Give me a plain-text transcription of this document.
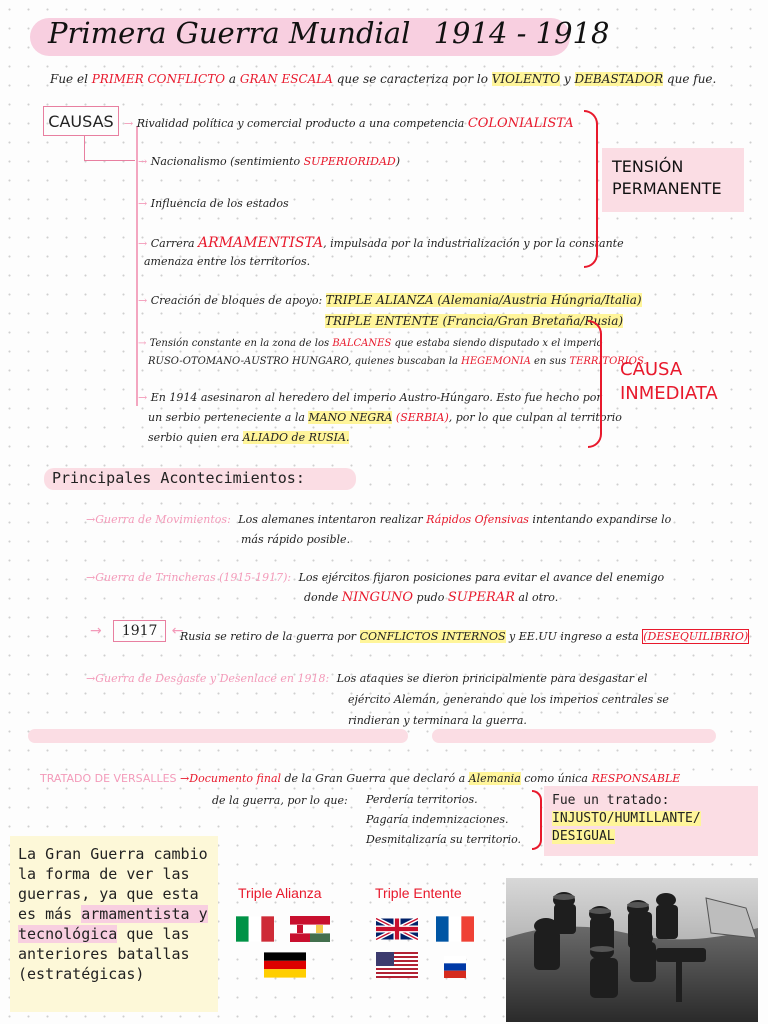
Primera Guerra Mundial 1914 - 1918
Fue el PRIMER CONFLICTO a GRAN ESCALA que se caracteriza por lo VIOLENTO y DEBASTADOR que fue.
CAUSAS → Rivalidad política y comercial producto a una competencia COLONIALISTA
→ Nacionalismo (sentimiento SUPERIORIDAD)
→ Influencia de los estados
→ Carrera ARMAMENTISTA, impulsada por la industrialización y por la constante
amenaza entre los territorios.
TENSIÓN PERMANENTE
→ Creación de bloques de apoyo: TRIPLE ALIANZA (Alemania/Austria Húngria/Italia)
TRIPLE ENTENTE (Francia/Gran Bretaña/Rusia)
→ Tensión constante en la zona de los BALCANES que estaba siendo disputado x el imperio
RUSO-OTOMANO-AUSTRO HUNGARO, quienes buscaban la HEGEMONIA en sus TERRITORIOS.
→ En 1914 asesinaron al heredero del imperio Austro-Húngaro. Esto fue hecho por
un serbio perteneciente a la MANO NEGRA (SERBIA), por lo que culpan al territorio
serbio quien era ALIADO de RUSIA.
CAUSA INMEDIATA
Principales Acontecimientos:
→Guerra de Movimientos: Los alemanes intentaron realizar Rápidos Ofensivas intentando expandirse lo
más rápido posible.
→Guerra de Trincheras (1915-1917): Los ejércitos fijaron posiciones para evitar el avance del enemigo
donde NINGUNO pudo SUPERAR al otro.
→ 1917 ←
Rusia se retiro de la guerra por CONFLICTOS INTERNOS y EE.UU ingreso a esta (DESEQUILIBRIO)
→Guerra de Desgaste y Desenlace en 1918: Los ataques se dieron principalmente para desgastar el
ejército Alemán, generando que los imperios centrales se
rindieran y terminara la guerra.
TRATADO DE VERSALLES →Documento final de la Gran Guerra que declaró a Alemania como única RESPONSABLE
de la guerra, por lo que:	Perdería territorios.
Pagaría indemnizaciones.
Desmitalizaría su territorio.
Fue un tratado:
INJUSTO/HUMILLANTE/
DESIGUAL
La Gran Guerra cambio la forma de ver las guerras, ya que esta es más armamentista y tecnológica que las anteriores batallas (estratégicas)
Triple Alianza	Triple Entente
